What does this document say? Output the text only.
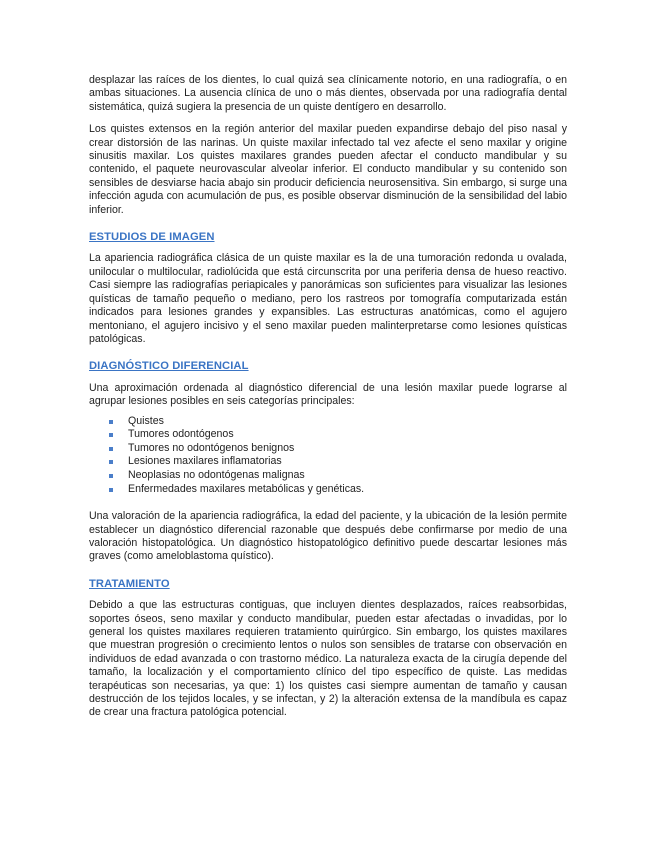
desplazar las raíces de los dientes, lo cual quizá sea clínicamente notorio, en una radiografía, o en ambas situaciones. La ausencia clínica de uno o más dientes, observada por una radiografía dental sistemática, quizá sugiera la presencia de un quiste dentígero en desarrollo.

Los quistes extensos en la región anterior del maxilar pueden expandirse debajo del piso nasal y crear distorsión de las narinas. Un quiste maxilar infectado tal vez afecte el seno maxilar y origine sinusitis maxilar. Los quistes maxilares grandes pueden afectar el conducto mandibular y su contenido, el paquete neurovascular alveolar inferior. El conducto mandibular y su contenido son sensibles de desviarse hacia abajo sin producir deficiencia neurosensitiva. Sin embargo, si surge una infección aguda con acumulación de pus, es posible observar disminución de la sensibilidad del labio inferior.

ESTUDIOS DE IMAGEN

La apariencia radiográfica clásica de un quiste maxilar es la de una tumoración redonda u ovalada, unilocular o multilocular, radiolúcida que está circunscrita por una periferia densa de hueso reactivo. Casi siempre las radiografías periapicales y panorámicas son suficientes para visualizar las lesiones quísticas de tamaño pequeño o mediano, pero los rastreos por tomografía computarizada están indicados para lesiones grandes y expansibles. Las estructuras anatómicas, como el agujero mentoniano, el agujero incisivo y el seno maxilar pueden malinterpretarse como lesiones quísticas patológicas.

DIAGNÓSTICO DIFERENCIAL

Una aproximación ordenada al diagnóstico diferencial de una lesión maxilar puede lograrse al agrupar lesiones posibles en seis categorías principales:

Quistes
Tumores odontógenos
Tumores no odontógenos benignos
Lesiones maxilares inflamatorias
Neoplasias no odontógenas malignas
Enfermedades maxilares metabólicas y genéticas.

Una valoración de la apariencia radiográfica, la edad del paciente, y la ubicación de la lesión permite establecer un diagnóstico diferencial razonable que después debe confirmarse por medio de una valoración histopatológica. Un diagnóstico histopatológico definitivo puede descartar lesiones más graves (como ameloblastoma quístico).

TRATAMIENTO

Debido a que las estructuras contiguas, que incluyen dientes desplazados, raíces reabsorbidas, soportes óseos, seno maxilar y conducto mandibular, pueden estar afectadas o invadidas, por lo general los quistes maxilares requieren tratamiento quirúrgico. Sin embargo, los quistes maxilares que muestran progresión o crecimiento lentos o nulos son sensibles de tratarse con observación en individuos de edad avanzada o con trastorno médico. La naturaleza exacta de la cirugía depende del tamaño, la localización y el comportamiento clínico del tipo específico de quiste. Las medidas terapéuticas son necesarias, ya que: 1) los quistes casi siempre aumentan de tamaño y causan destrucción de los tejidos locales, y se infectan, y 2) la alteración extensa de la mandíbula es capaz de crear una fractura patológica potencial.
